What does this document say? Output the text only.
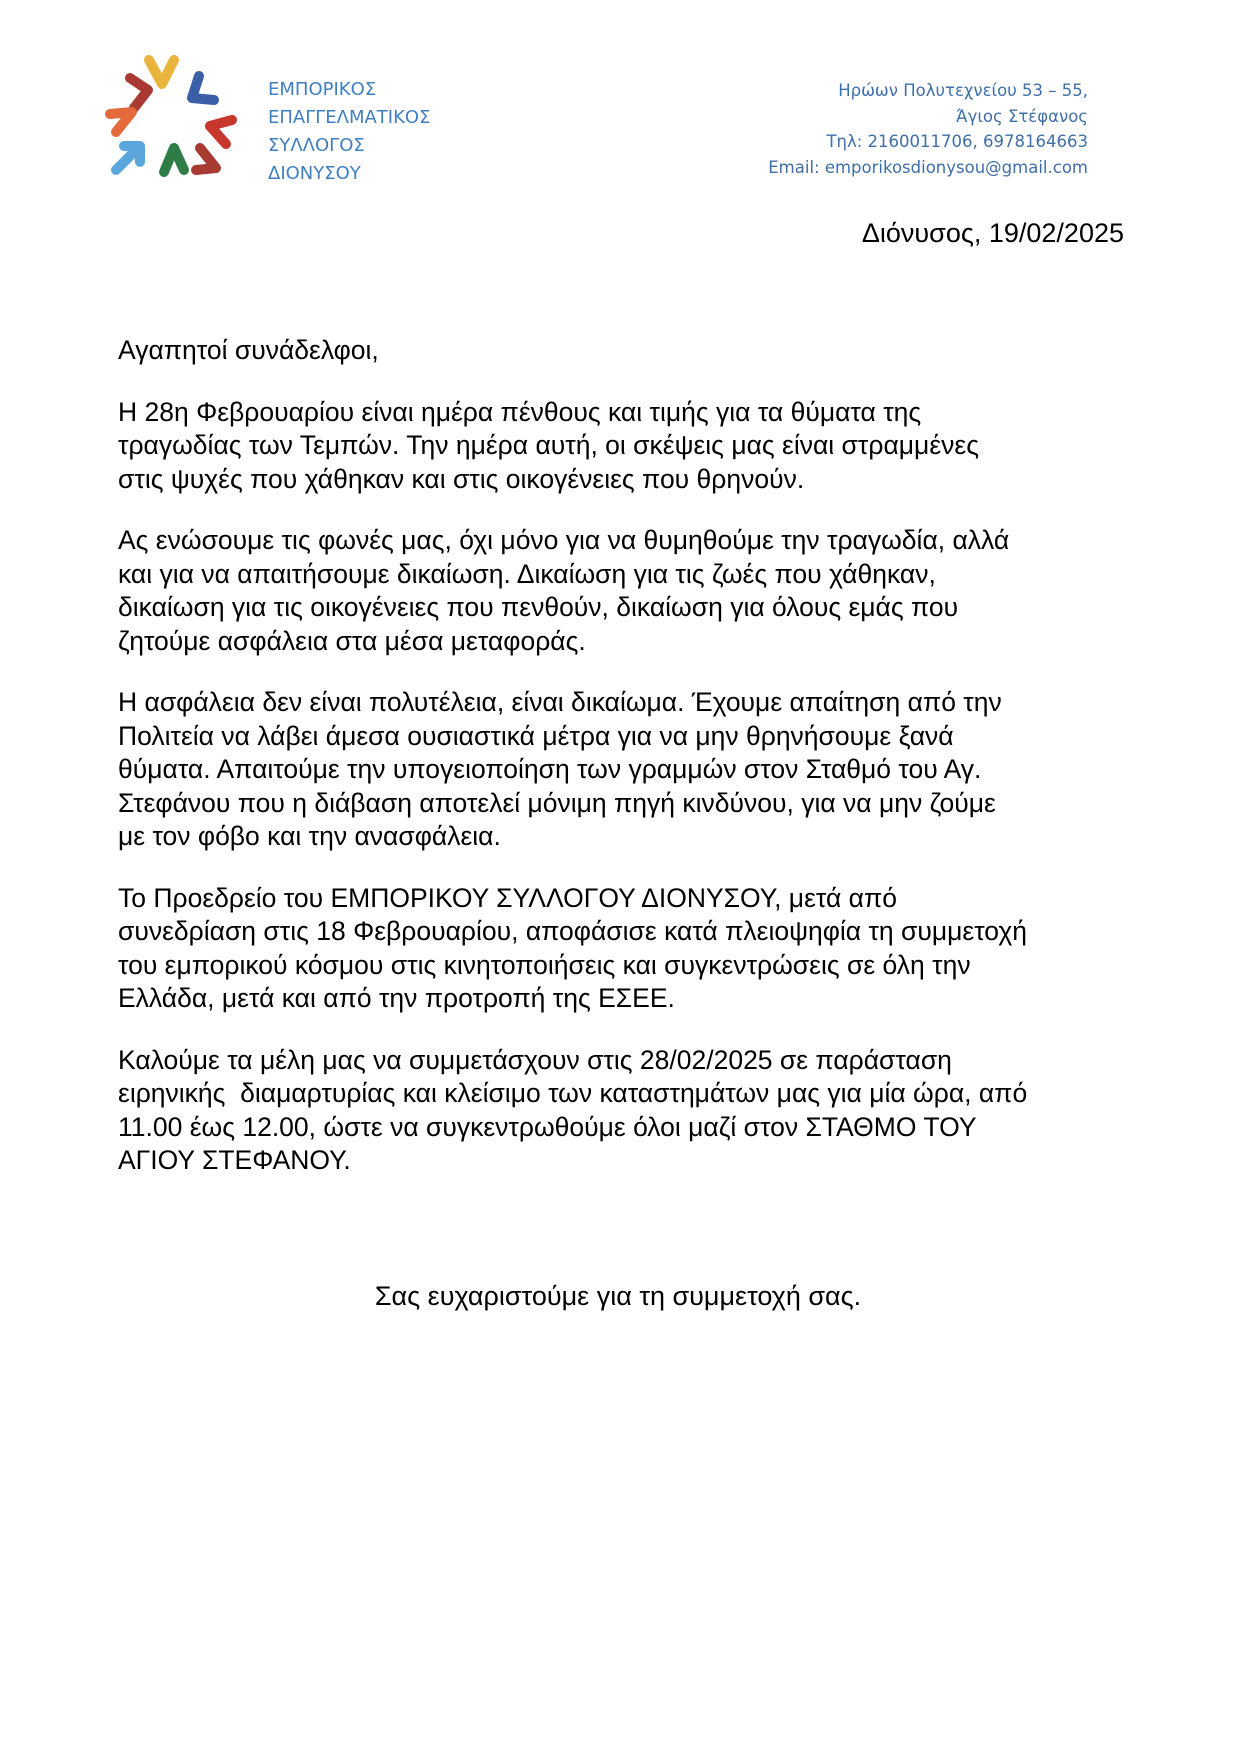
ΕΜΠΟΡΙΚΟΣ
ΕΠΑΓΓΕΛΜΑΤΙΚΟΣ
ΣΥΛΛΟΓΟΣ
ΔΙΟΝΥΣΟΥ
Ηρώων Πολυτεχνείου 53 – 55,
Άγιος Στέφανος
Τηλ: 2160011706, 6978164663
Email: emporikosdionysou@gmail.com
Διόνυσος, 19/02/2025

Αγαπητοί συνάδελφοι,

Η 28η Φεβρουαρίου είναι ημέρα πένθους και τιμής για τα θύματα της
τραγωδίας των Τεμπών. Την ημέρα αυτή, οι σκέψεις μας είναι στραμμένες
στις ψυχές που χάθηκαν και στις οικογένειες που θρηνούν.

Ας ενώσουμε τις φωνές μας, όχι μόνο για να θυμηθούμε την τραγωδία, αλλά
και για να απαιτήσουμε δικαίωση. Δικαίωση για τις ζωές που χάθηκαν,
δικαίωση για τις οικογένειες που πενθούν, δικαίωση για όλους εμάς που
ζητούμε ασφάλεια στα μέσα μεταφοράς.

Η ασφάλεια δεν είναι πολυτέλεια, είναι δικαίωμα. Έχουμε απαίτηση από την
Πολιτεία να λάβει άμεσα ουσιαστικά μέτρα για να μην θρηνήσουμε ξανά
θύματα. Απαιτούμε την υπογειοποίηση των γραμμών στον Σταθμό του Αγ.
Στεφάνου που η διάβαση αποτελεί μόνιμη πηγή κινδύνου, για να μην ζούμε
με τον φόβο και την ανασφάλεια.

Το Προεδρείο του ΕΜΠΟΡΙΚΟΥ ΣΥΛΛΟΓΟΥ ΔΙΟΝΥΣΟΥ, μετά από
συνεδρίαση στις 18 Φεβρουαρίου, αποφάσισε κατά πλειοψηφία τη συμμετοχή
του εμπορικού κόσμου στις κινητοποιήσεις και συγκεντρώσεις σε όλη την
Ελλάδα, μετά και από την προτροπή της ΕΣΕΕ.

Καλούμε τα μέλη μας να συμμετάσχουν στις 28/02/2025 σε παράσταση
ειρηνικής  διαμαρτυρίας και κλείσιμο των καταστημάτων μας για μία ώρα, από
11.00 έως 12.00, ώστε να συγκεντρωθούμε όλοι μαζί στον ΣΤΑΘΜΟ ΤΟΥ
ΑΓΙΟΥ ΣΤΕΦΑΝΟΥ.

Σας ευχαριστούμε για τη συμμετοχή σας.
